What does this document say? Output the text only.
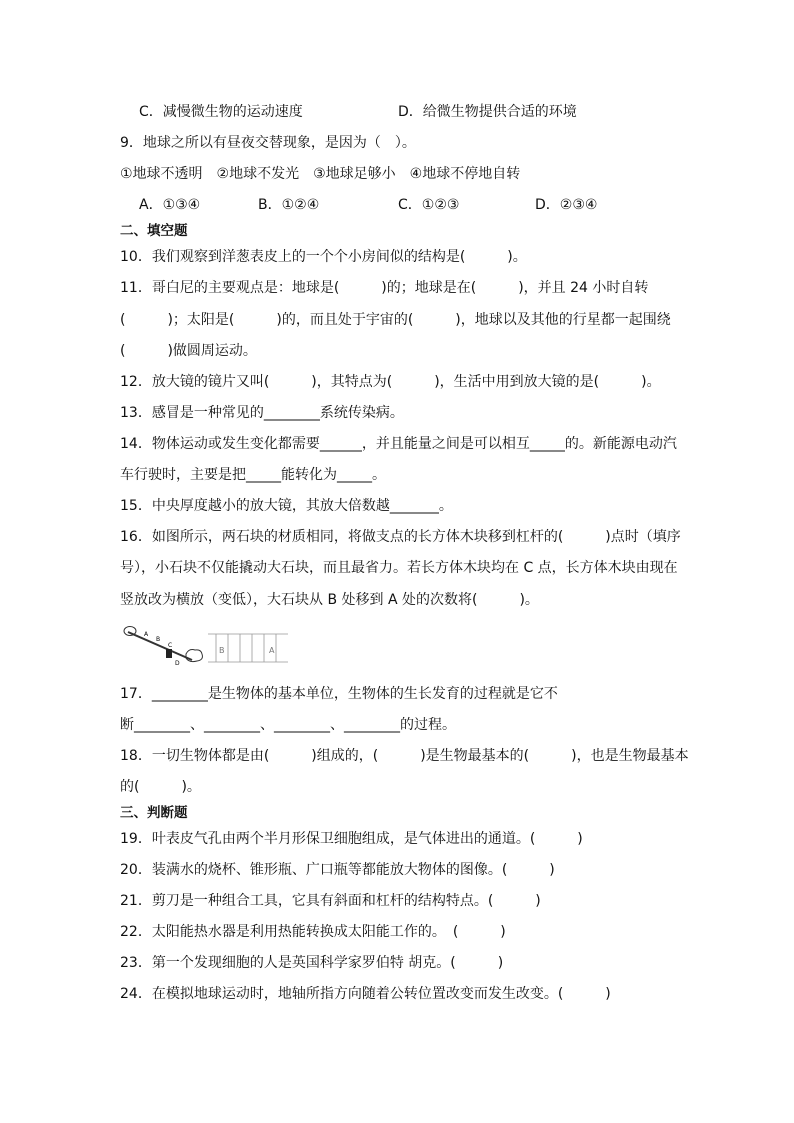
C．减慢微生物的运动速度	D．给微生物提供合适的环境
9．地球之所以有昼夜交替现象，是因为（　）。
①地球不透明　②地球不发光　③地球足够小　④地球不停地自转
A．①③④	B．①②④	C．①②③	D．②③④
二、填空题
10．我们观察到洋葱表皮上的一个个小房间似的结构是(　　　)。
11．哥白尼的主要观点是：地球是(　　　)的；地球是在(　　　)，并且 24 小时自转
(　　　)；太阳是(　　　)的，而且处于宇宙的(　　　)，地球以及其他的行星都一起围绕
(　　　)做圆周运动。
12．放大镜的镜片又叫(　　　)，其特点为(　　　)，生活中用到放大镜的是(　　　)。
13．感冒是一种常见的________系统传染病。
14．物体运动或发生变化都需要______，并且能量之间是可以相互_____的。新能源电动汽
车行驶时，主要是把_____能转化为_____。
15．中央厚度越小的放大镜，其放大倍数越_______。
16．如图所示，两石块的材质相同，将做支点的长方体木块移到杠杆的(　　　)点时（填序
号），小石块不仅能撬动大石块，而且最省力。若长方体木块均在 C 点，长方体木块由现在
竖放改为横放（变低），大石块从 B 处移到 A 处的次数将(　　　)。
A
B
C
D
B	A
17．________是生物体的基本单位，生物体的生长发育的过程就是它不
断________、________、________、________的过程。
18．一切生物体都是由(　　　)组成的，(　　　)是生物最基本的(　　　)，也是生物最基本
的(　　　)。
三、判断题
19．叶表皮气孔由两个半月形保卫细胞组成，是气体进出的通道。(　　　)
20．装满水的烧杯、锥形瓶、广口瓶等都能放大物体的图像。(　　　)
21．剪刀是一种组合工具，它具有斜面和杠杆的结构特点。(　　　)
22．太阳能热水器是利用热能转换成太阳能工作的。　(　　　)
23．第一个发现细胞的人是英国科学家罗伯特 胡克。(　　　)
24．在模拟地球运动时，地轴所指方向随着公转位置改变而发生改变。(　　　)
